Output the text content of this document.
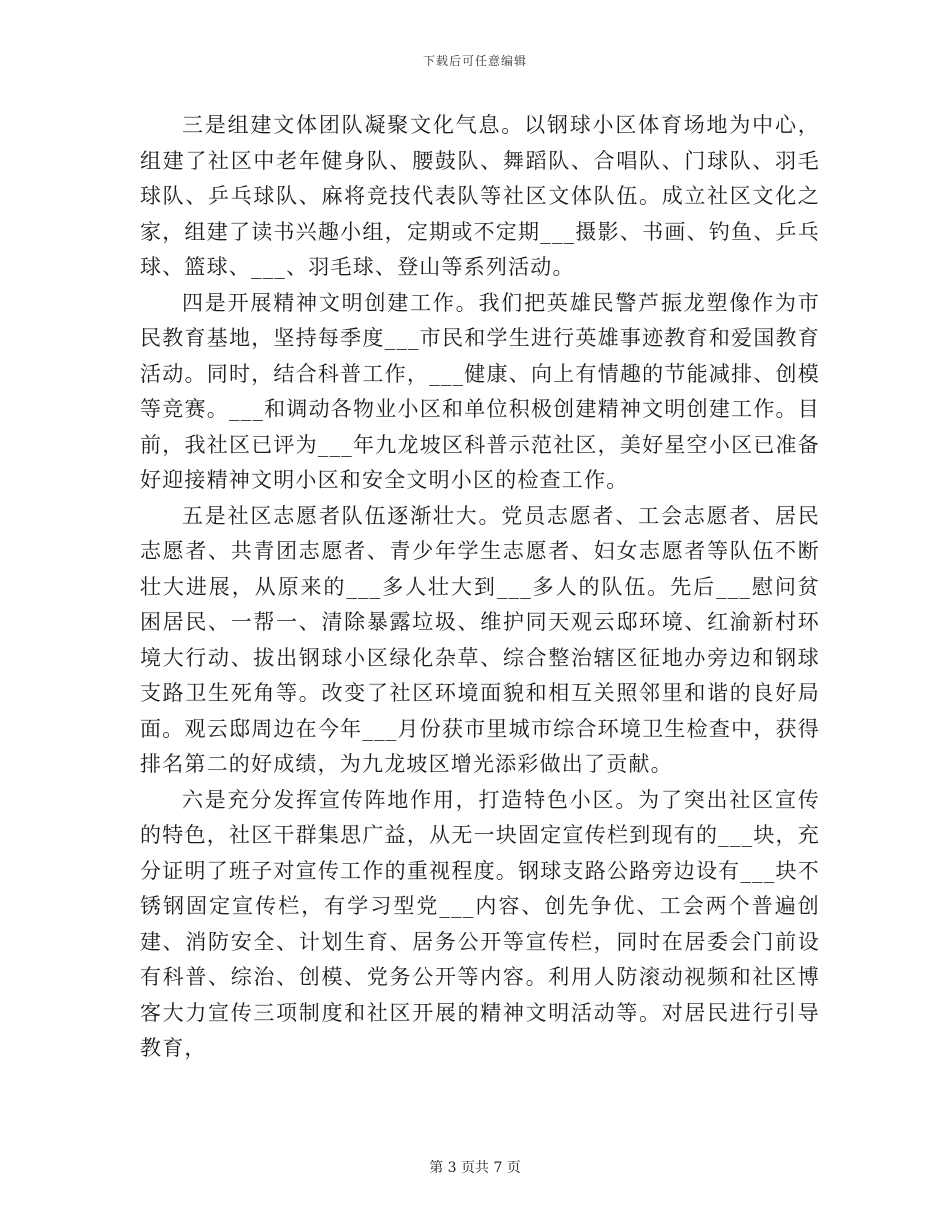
下载后可任意编辑

三是组建文体团队凝聚文化气息。以钢球小区体育场地为中心，组建了社区中老年健身队、腰鼓队、舞蹈队、合唱队、门球队、羽毛球队、乒乓球队、麻将竞技代表队等社区文体队伍。成立社区文化之家，组建了读书兴趣小组，定期或不定期___摄影、书画、钓鱼、乒乓球、篮球、___、羽毛球、登山等系列活动。

四是开展精神文明创建工作。我们把英雄民警芦振龙塑像作为市民教育基地，坚持每季度___市民和学生进行英雄事迹教育和爱国教育活动。同时，结合科普工作，___健康、向上有情趣的节能减排、创模等竞赛。___和调动各物业小区和单位积极创建精神文明创建工作。目前，我社区已评为___年九龙坡区科普示范社区，美好星空小区已准备好迎接精神文明小区和安全文明小区的检查工作。

五是社区志愿者队伍逐渐壮大。党员志愿者、工会志愿者、居民志愿者、共青团志愿者、青少年学生志愿者、妇女志愿者等队伍不断壮大进展，从原来的___多人壮大到___多人的队伍。先后___慰问贫困居民、一帮一、清除暴露垃圾、维护同天观云邸环境、红渝新村环境大行动、拔出钢球小区绿化杂草、综合整治辖区征地办旁边和钢球支路卫生死角等。改变了社区环境面貌和相互关照邻里和谐的良好局面。观云邸周边在今年___月份获市里城市综合环境卫生检查中，获得排名第二的好成绩，为九龙坡区增光添彩做出了贡献。

六是充分发挥宣传阵地作用，打造特色小区。为了突出社区宣传的特色，社区干群集思广益，从无一块固定宣传栏到现有的___块，充分证明了班子对宣传工作的重视程度。钢球支路公路旁边设有___块不锈钢固定宣传栏，有学习型党___内容、创先争优、工会两个普遍创建、消防安全、计划生育、居务公开等宣传栏，同时在居委会门前设有科普、综治、创模、党务公开等内容。利用人防滚动视频和社区博客大力宣传三项制度和社区开展的精神文明活动等。对居民进行引导教育，

第 3 页共 7 页
